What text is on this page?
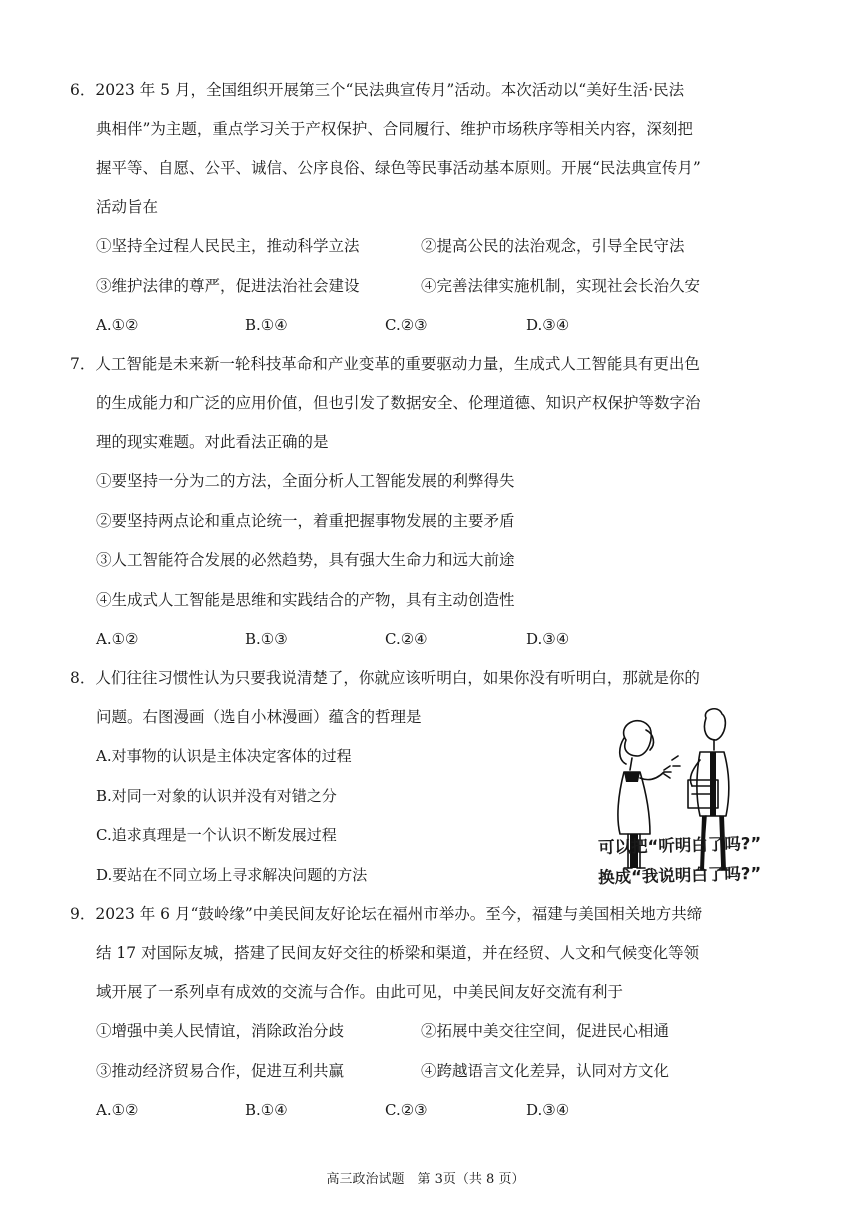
6．2023 年 5 月，全国组织开展第三个“民法典宣传月”活动。本次活动以“美好生活·民法
典相伴”为主题，重点学习关于产权保护、合同履行、维护市场秩序等相关内容，深刻把
握平等、自愿、公平、诚信、公序良俗、绿色等民事活动基本原则。开展“民法典宣传月”
活动旨在
①坚持全过程人民民主，推动科学立法	②提高公民的法治观念，引导全民守法
③维护法律的尊严，促进法治社会建设	④完善法律实施机制，实现社会长治久安
A.①②	B.①④	C.②③	D.③④
7．人工智能是未来新一轮科技革命和产业变革的重要驱动力量，生成式人工智能具有更出色
的生成能力和广泛的应用价值，但也引发了数据安全、伦理道德、知识产权保护等数字治
理的现实难题。对此看法正确的是
①要坚持一分为二的方法，全面分析人工智能发展的利弊得失
②要坚持两点论和重点论统一，着重把握事物发展的主要矛盾
③人工智能符合发展的必然趋势，具有强大生命力和远大前途
④生成式人工智能是思维和实践结合的产物，具有主动创造性
A.①②	B.①③	C.②④	D.③④
8．人们往往习惯性认为只要我说清楚了，你就应该听明白，如果你没有听明白，那就是你的
问题。右图漫画（选自小林漫画）蕴含的哲理是
A.对事物的认识是主体决定客体的过程
B.对同一对象的认识并没有对错之分
C.追求真理是一个认识不断发展过程
D.要站在不同立场上寻求解决问题的方法
可以把“听明白了吗?”
换成“我说明白了吗?”
9．2023 年 6 月“鼓岭缘”中美民间友好论坛在福州市举办。至今，福建与美国相关地方共缔
结 17 对国际友城，搭建了民间友好交往的桥梁和渠道，并在经贸、人文和气候变化等领
域开展了一系列卓有成效的交流与合作。由此可见，中美民间友好交流有利于
①增强中美人民情谊，消除政治分歧	②拓展中美交往空间，促进民心相通
③推动经济贸易合作，促进互利共赢	④跨越语言文化差异，认同对方文化
A.①②	B.①④	C.②③	D.③④
高三政治试题　第 3页（共 8 页）
